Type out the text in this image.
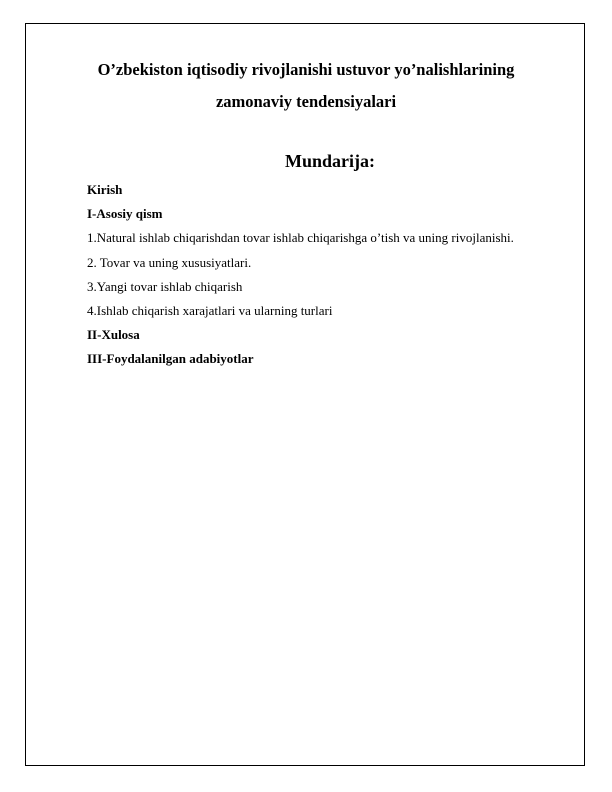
O’zbekiston iqtisodiy rivojlanishi ustuvor yo’nalishlarining
zamonaviy tendensiyalari
Mundarija:
Kirish
I-Asosiy qism
1.Natural ishlab chiqarishdan tovar ishlab chiqarishga o’tish va uning rivojlanishi.
2. Tovar va uning xususiyatlari.
3.Yangi tovar ishlab chiqarish
4.Ishlab chiqarish xarajatlari va ularning turlari
II-Xulosa
III-Foydalanilgan adabiyotlar
